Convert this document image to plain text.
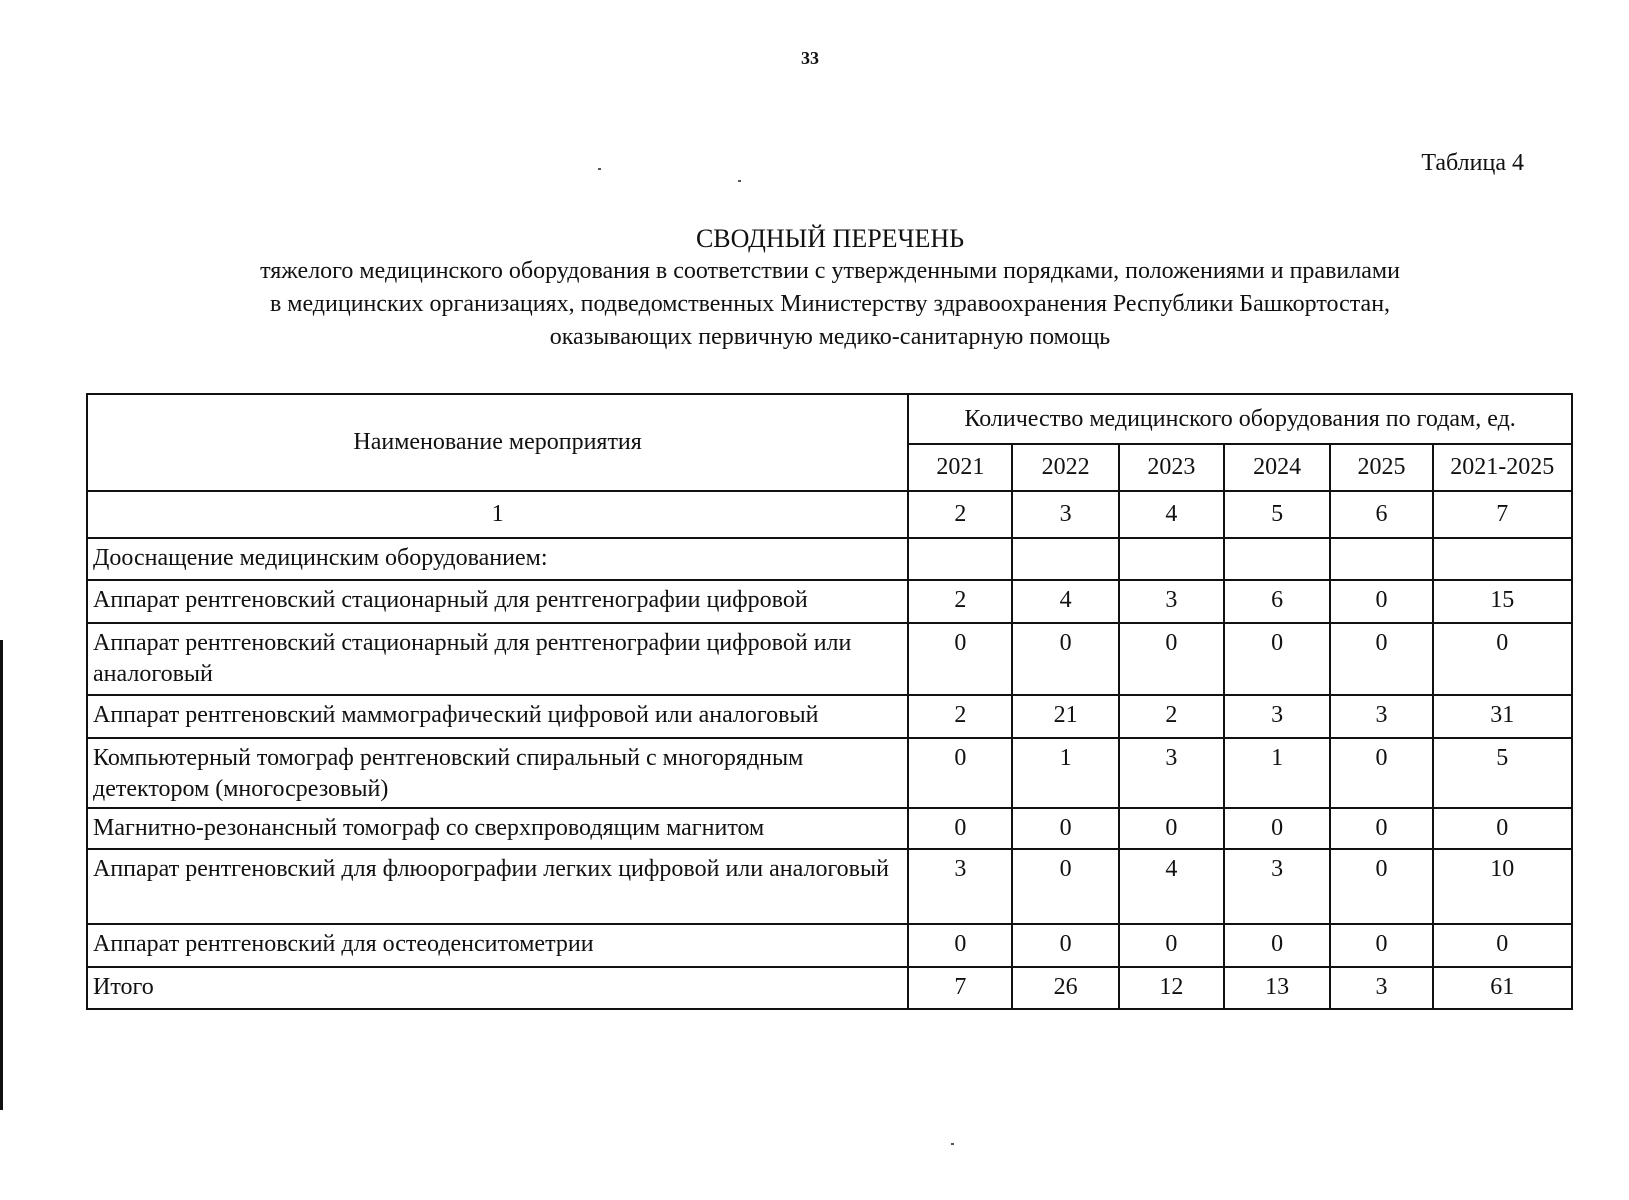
33
Таблица 4
СВОДНЫЙ ПЕРЕЧЕНЬ
тяжелого медицинского оборудования в соответствии с утвержденными порядками, положениями и правилами
в медицинских организациях, подведомственных Министерству здравоохранения Республики Башкортостан,
оказывающих первичную медико-санитарную помощь
Наименование мероприятия	Количество медицинского оборудования по годам, ед.					
	2021	2022	2023	2024	2025	2021-2025
1	2	3	4	5	6	7
Дооснащение медицинским оборудованием:						
Аппарат рентгеновский стационарный для рентгенографии цифровой	2	4	3	6	0	15
Аппарат рентгеновский стационарный для рентгенографии цифровой или аналоговый	0	0	0	0	0	0
Аппарат рентгеновский маммографический цифровой или аналоговый	2	21	2	3	3	31
Компьютерный томограф рентгеновский спиральный с многорядным детектором (многосрезовый)	0	1	3	1	0	5
Магнитно-резонансный томограф со сверхпроводящим магнитом	0	0	0	0	0	0
Аппарат рентгеновский для флюорографии легких цифровой или аналоговый	3	0	4	3	0	10
Аппарат рентгеновский для остеоденситометрии	0	0	0	0	0	0
Итого	7	26	12	13	3	61
